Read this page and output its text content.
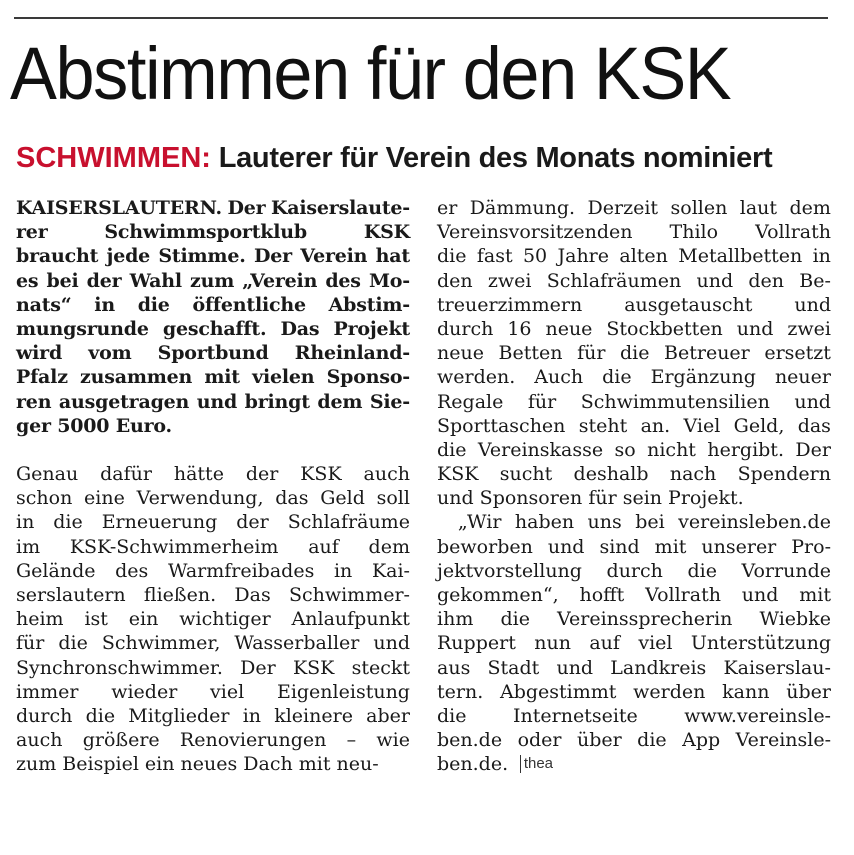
Abstimmen für den KSK
SCHWIMMEN: Lauterer für Verein des Monats nominiert
KAISERSLAUTERN. Der Kaiserslaute-
rer	Schwimmsportklub	KSK
braucht jede Stimme. Der Verein hat
es bei der Wahl zum „Verein des Mo-
nats“ in die öffentliche Abstim-
mungsrunde geschafft. Das Projekt
wird vom Sportbund Rheinland-
Pfalz zusammen mit vielen Sponso-
ren ausgetragen und bringt dem Sie-
ger 5000 Euro.
Genau dafür hätte der KSK auch
schon eine Verwendung, das Geld soll
in die Erneuerung der Schlafräume
im KSK-Schwimmerheim auf dem
Gelände des Warmfreibades in Kai-
serslautern fließen. Das Schwimmer-
heim ist ein wichtiger Anlaufpunkt
für die Schwimmer, Wasserballer und
Synchronschwimmer. Der KSK steckt
immer wieder viel Eigenleistung
durch die Mitglieder in kleinere aber
auch größere Renovierungen – wie
zum Beispiel ein neues Dach mit neu-
er Dämmung. Derzeit sollen laut dem
Vereinsvorsitzenden Thilo Vollrath
die fast 50 Jahre alten Metallbetten in
den zwei Schlafräumen und den Be-
treuerzimmern ausgetauscht und
durch 16 neue Stockbetten und zwei
neue Betten für die Betreuer ersetzt
werden. Auch die Ergänzung neuer
Regale für Schwimmutensilien und
Sporttaschen steht an. Viel Geld, das
die Vereinskasse so nicht hergibt. Der
KSK sucht deshalb nach Spendern
und Sponsoren für sein Projekt.
„Wir haben uns bei vereinsleben.de
beworben und sind mit unserer Pro-
jektvorstellung durch die Vorrunde
gekommen“, hofft Vollrath und mit
ihm die Vereinssprecherin Wiebke
Ruppert nun auf viel Unterstützung
aus Stadt und Landkreis Kaiserslau-
tern. Abgestimmt werden kann über
die Internetseite www.vereinsle-
ben.de oder über die App Vereinsle-
ben.de. thea
